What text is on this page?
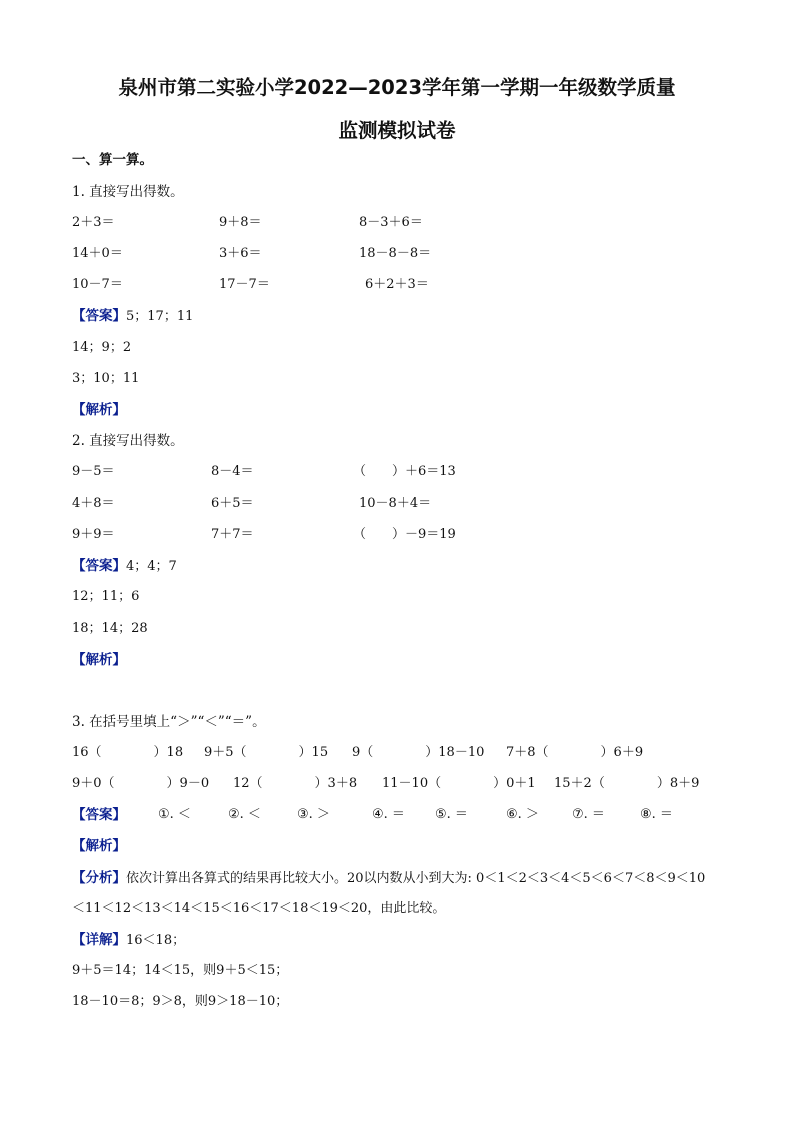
泉州市第二实验小学2022—2023学年第一学期一年级数学质量
监测模拟试卷
一、算一算。
1. 直接写出得数。
2＋3＝	9＋8＝	8－3＋6＝
14＋0＝	3＋6＝	18－8－8＝
10－7＝	17－7＝	6＋2＋3＝
【答案】5；17；11
14；9；2
3；10；11
【解析】
2. 直接写出得数。
9－5＝	8－4＝	（　　）＋6＝13
4＋8＝	6＋5＝	10－8＋4＝
9＋9＝	7＋7＝	（　　）－9＝19
【答案】4；4；7
12；11；6
18；14；28
【解析】
3. 在括号里填上“＞”“＜”“＝”。
16（　　　　）18 9＋5（　　　　）15 9（　　　　）18－10 7＋8（　　　　）6＋9
9＋0（　　　　）9－0 12（　　　　）3＋8 11－10（　　　　）0＋1 15＋2（　　　　）8＋9
【答案】 ①. ＜	②. ＜	③. ＞	④. ＝ ⑤. ＝	⑥. ＞	⑦. ＝	⑧. ＝
【解析】
【分析】依次计算出各算式的结果再比较大小。20以内数从小到大为: 0＜1＜2＜3＜4＜5＜6＜7＜8＜9＜10
＜11＜12＜13＜14＜15＜16＜17＜18＜19＜20，由此比较。
【详解】16＜18；
9＋5＝14；14＜15，则9＋5＜15；
18－10＝8；9＞8，则9＞18－10；
